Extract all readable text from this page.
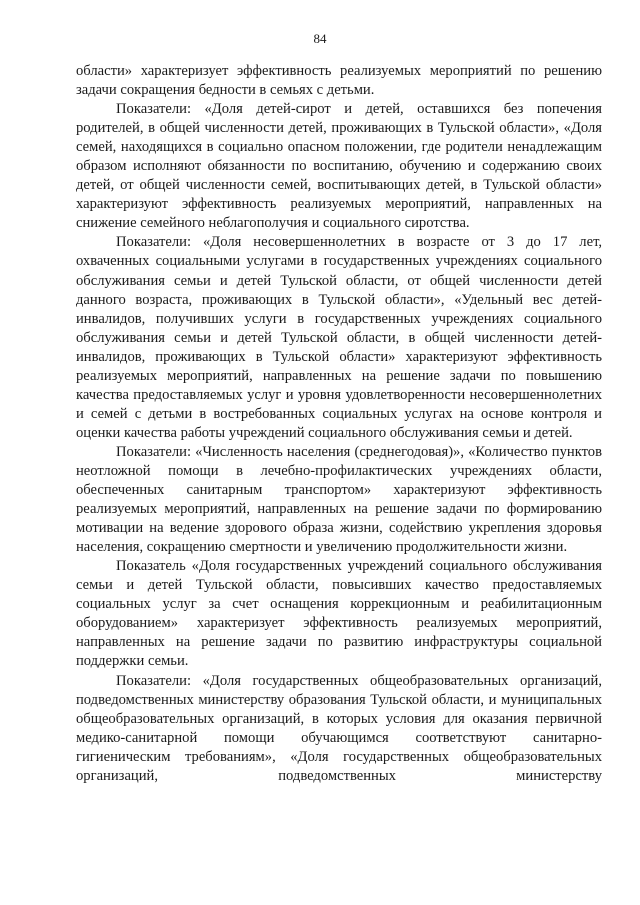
84

области» характеризует эффективность реализуемых мероприятий по решению задачи сокращения бедности в семьях с детьми.

Показатели: «Доля детей-сирот и детей, оставшихся без попечения родителей, в общей численности детей, проживающих в Тульской области», «Доля семей, находящихся в социально опасном положении, где родители ненадлежащим образом исполняют обязанности по воспитанию, обучению и содержанию своих детей, от общей численности семей, воспитывающих детей, в Тульской области» характеризуют эффективность реализуемых мероприятий, направленных на снижение семейного неблагополучия и социального сиротства.

Показатели: «Доля несовершеннолетних в возрасте от 3 до 17 лет, охваченных социальными услугами в государственных учреждениях социального обслуживания семьи и детей Тульской области, от общей численности детей данного возраста, проживающих в Тульской области», «Удельный вес детей-инвалидов, получивших услуги в государственных учреждениях социального обслуживания семьи и детей Тульской области, в общей численности детей-инвалидов, проживающих в Тульской области» характеризуют эффективность реализуемых мероприятий, направленных на решение задачи по повышению качества предоставляемых услуг и уровня удовлетворенности несовершеннолетних и семей с детьми в востребованных социальных услугах на основе контроля и оценки качества работы учреждений социального обслуживания семьи и детей.

Показатели: «Численность населения (среднегодовая)», «Количество пунктов неотложной помощи в лечебно-профилактических учреждениях области, обеспеченных санитарным транспортом» характеризуют эффективность реализуемых мероприятий, направленных на решение задачи по формированию мотивации на ведение здорового образа жизни, содействию укрепления здоровья населения, сокращению смертности и увеличению продолжительности жизни.

Показатель «Доля государственных учреждений социального обслуживания семьи и детей Тульской области, повысивших качество предоставляемых социальных услуг за счет оснащения коррекционным и реабилитационным оборудованием» характеризует эффективность реализуемых мероприятий, направленных на решение задачи по развитию инфраструктуры социальной поддержки семьи.

Показатели: «Доля государственных общеобразовательных организаций, подведомственных министерству образования Тульской области, и муниципальных общеобразовательных организаций, в которых условия для оказания первичной медико-санитарной помощи обучающимся соответствуют санитарно-гигиеническим требованиям», «Доля государственных общеобразовательных организаций, подведомственных министерству
